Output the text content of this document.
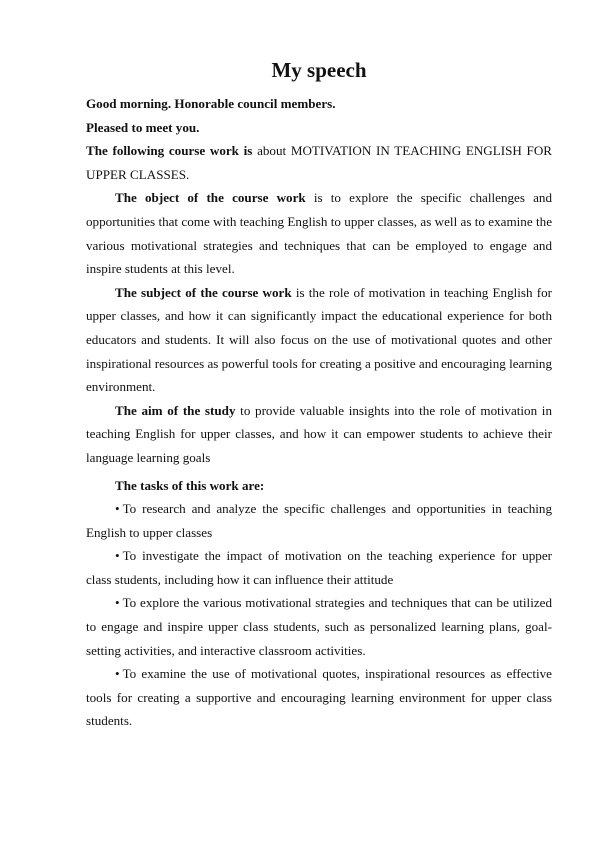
My speech

Good morning. Honorable council members.

Pleased to meet you.

The following course work is about MOTIVATION IN TEACHING ENGLISH FOR UPPER CLASSES.

The object of the course work is to explore the specific challenges and opportunities that come with teaching English to upper classes, as well as to examine the various motivational strategies and techniques that can be employed to engage and inspire students at this level.

The subject of the course work is the role of motivation in teaching English for upper classes, and how it can significantly impact the educational experience for both educators and students. It will also focus on the use of motivational quotes and other inspirational resources as powerful tools for creating a positive and encouraging learning environment.

The aim of the study to provide valuable insights into the role of motivation in teaching English for upper classes, and how it can empower students to achieve their language learning goals

The tasks of this work are:

• To research and analyze the specific challenges and opportunities in teaching English to upper classes

• To investigate the impact of motivation on the teaching experience for upper class students, including how it can influence their attitude

• To explore the various motivational strategies and techniques that can be utilized to engage and inspire upper class students, such as personalized learning plans, goal-setting activities, and interactive classroom activities.

• To examine the use of motivational quotes, inspirational resources as effective tools for creating a supportive and encouraging learning environment for upper class students.
